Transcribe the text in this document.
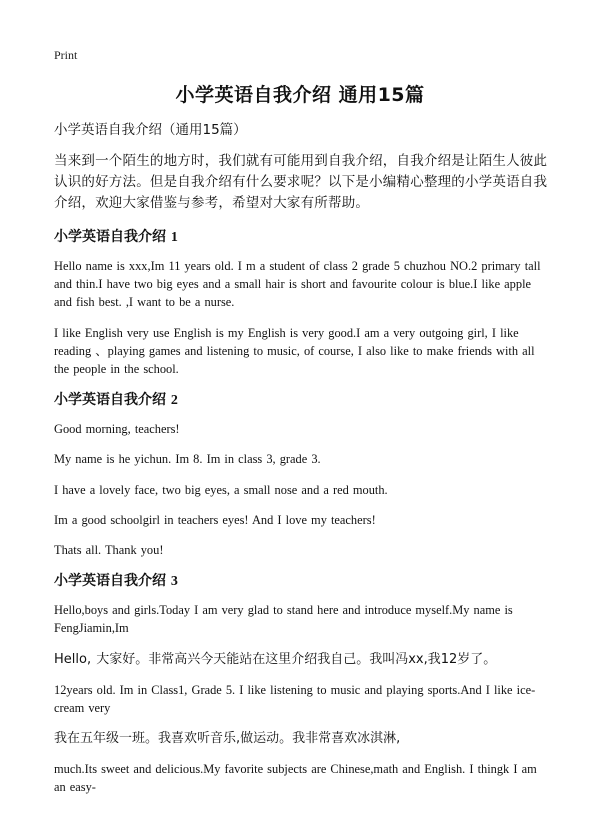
Print
小学英语自我介绍 通用15篇

小学英语自我介绍（通用15篇）

当来到一个陌生的地方时，我们就有可能用到自我介绍，自我介绍是让陌生人彼此认识的好方法。但是自我介绍有什么要求呢？以下是小编精心整理的小学英语自我介绍，欢迎大家借鉴与参考，希望对大家有所帮助。

小学英语自我介绍 1

Hello name is xxx,Im 11 years old. I m a student of class 2 grade 5 chuzhou NO.2 primary tall and thin.I have two big eyes and a small hair is short and favourite colour is blue.I like apple and fish best. ,I want to be a nurse.

I like English very use English is my English is very good.I am a very outgoing girl, I like reading 、playing games and listening to music, of course, I also like to make friends with all the people in the school.

小学英语自我介绍 2

Good morning, teachers!

My name is he yichun. Im 8. Im in class 3, grade 3.

I have a lovely face, two big eyes, a small nose and a red mouth.

Im a good schoolgirl in teachers eyes! And I love my teachers!

Thats all. Thank you!

小学英语自我介绍 3

Hello,boys and girls.Today I am very glad to stand here and introduce myself.My name is FengJiamin,Im

Hello, 大家好。非常高兴今天能站在这里介绍我自己。我叫冯xx,我12岁了。

12years old. Im in Class1, Grade 5. I like listening to music and playing sports.And I like ice-cream very

我在五年级一班。我喜欢听音乐,做运动。我非常喜欢冰淇淋,

much.Its sweet and delicious.My favorite subjects are Chinese,math and English. I thingk I am an easy-
